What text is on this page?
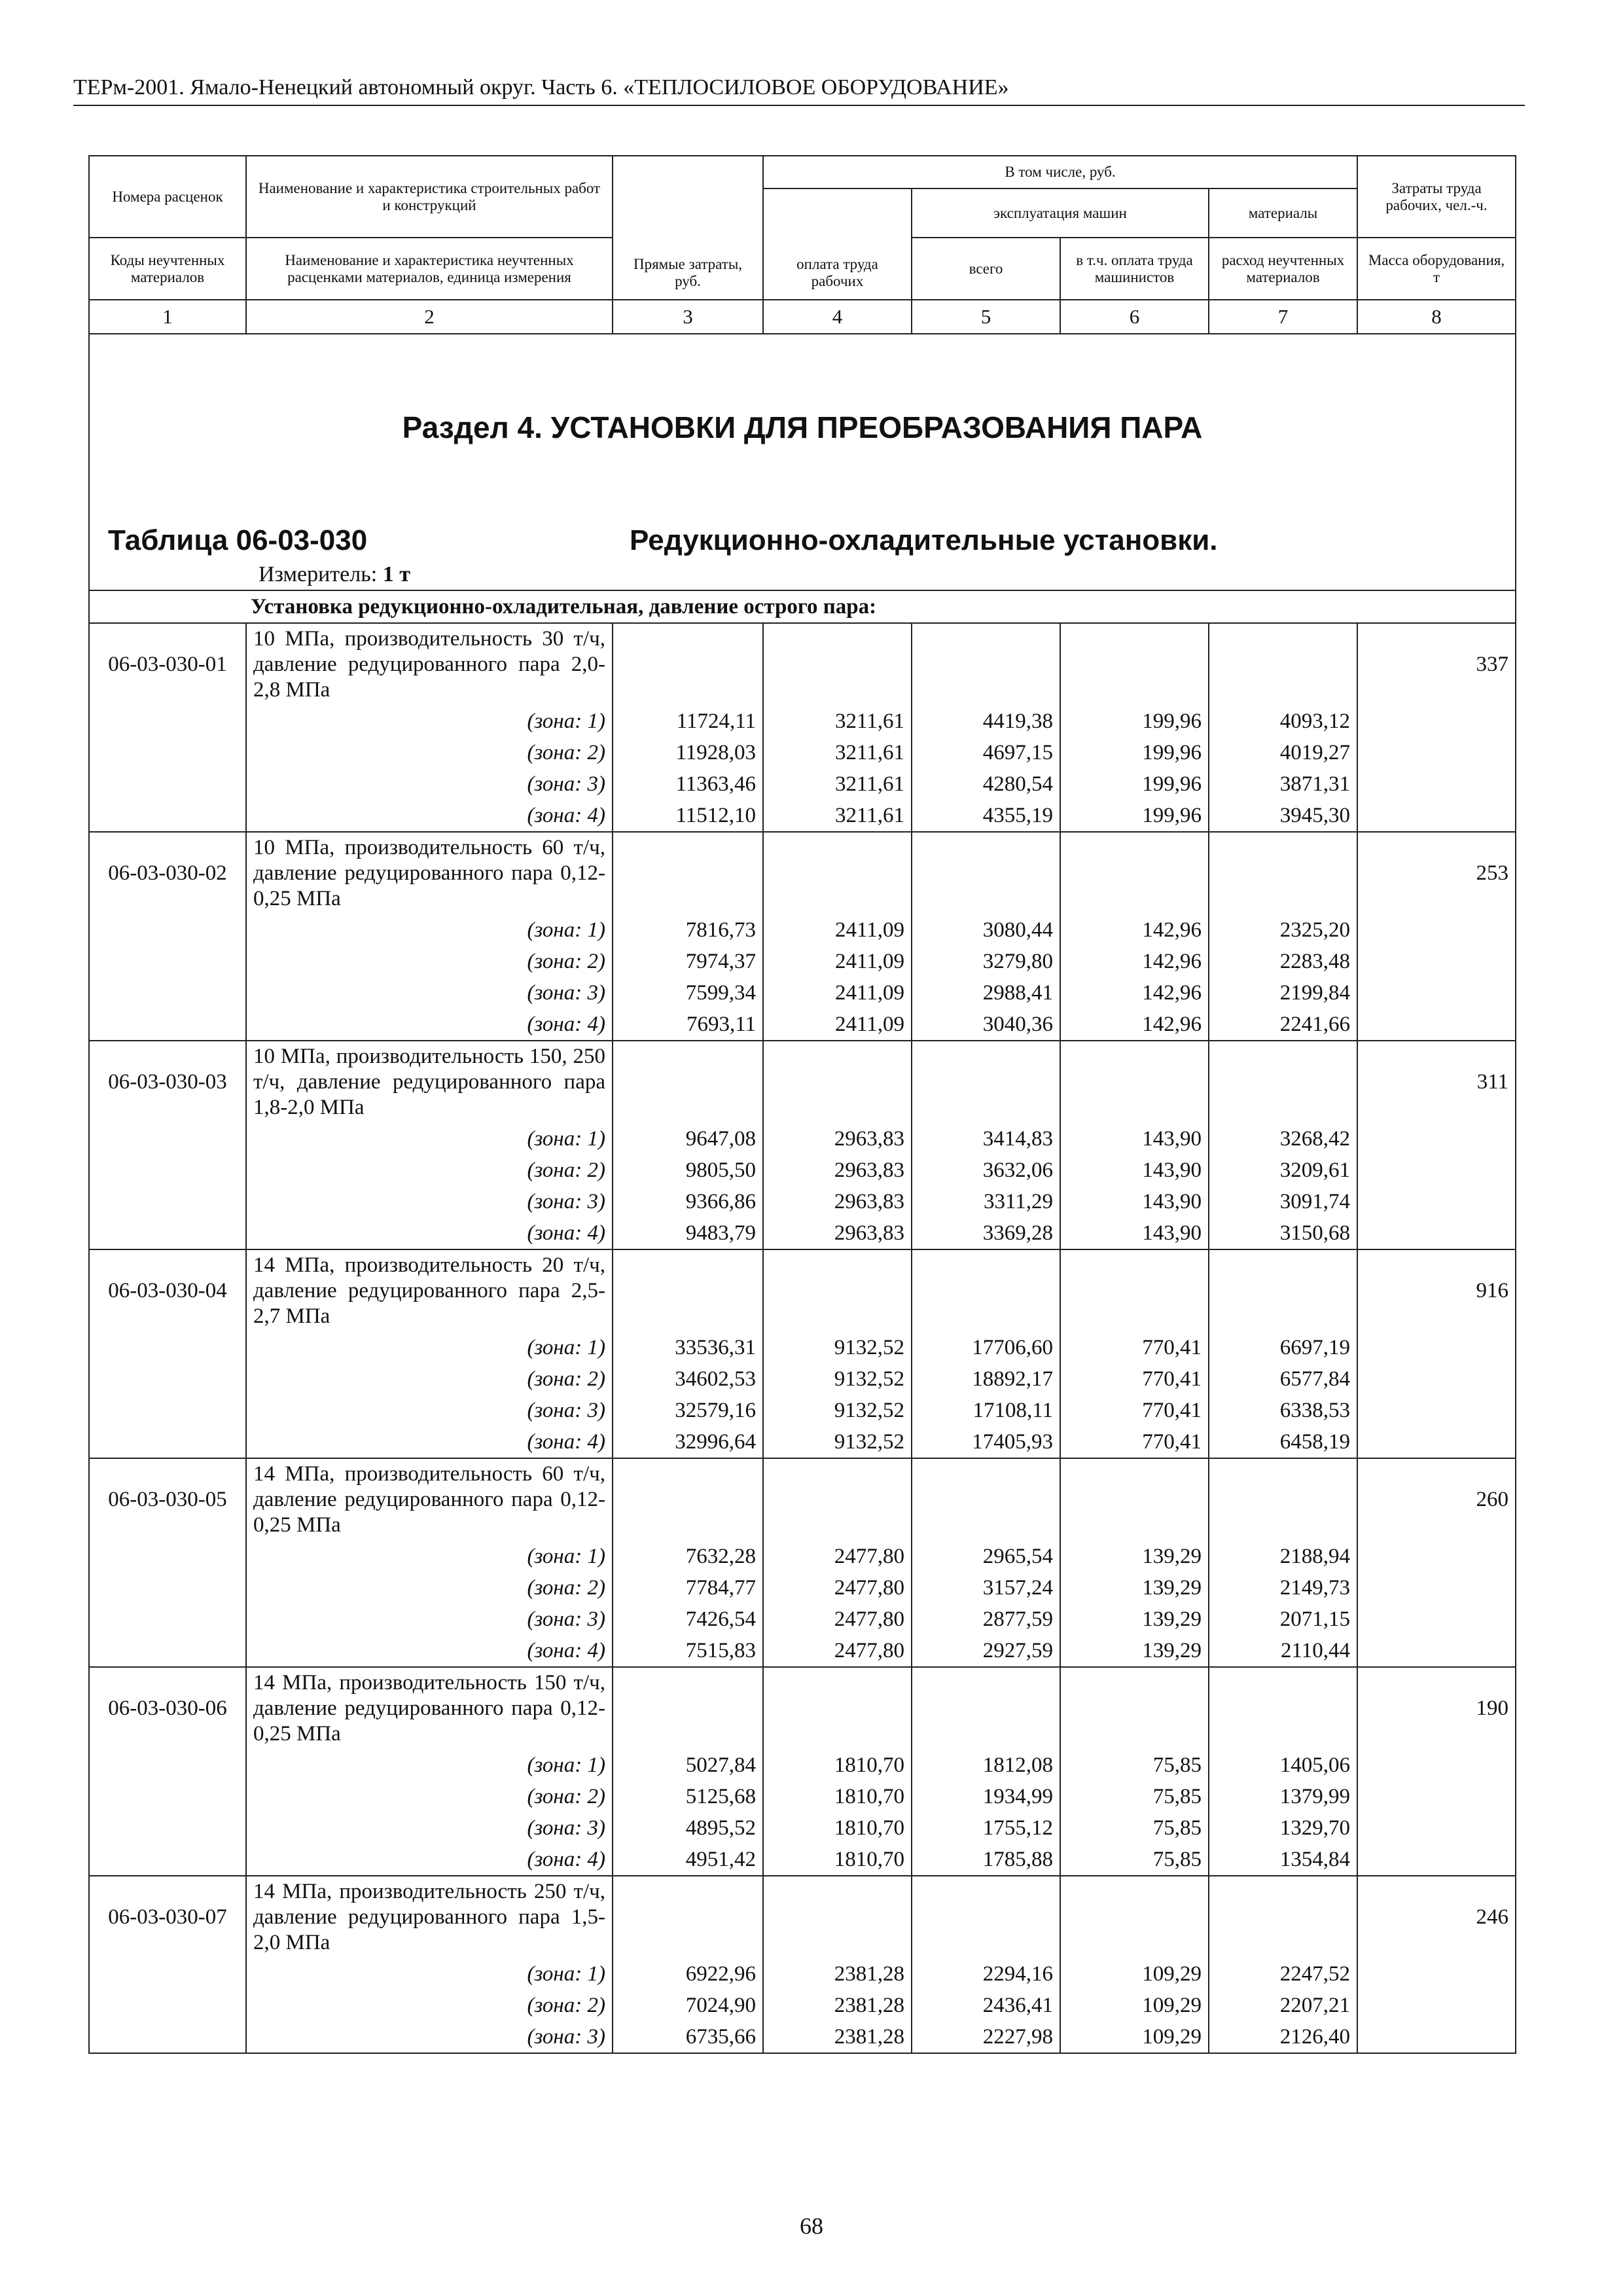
ТЕРм-2001. Ямало-Ненецкий автономный округ. Часть 6. «ТЕПЛОСИЛОВОЕ ОБОРУДОВАНИЕ»
Номера расценок	Наименование и характеристика строительных работ и конструкций	Прямые затраты, руб.	В том числе, руб.				Затраты труда рабочих, чел.-ч.
			оплата труда рабочих	эксплуатация машин		материалы	
Коды неучтенных материалов	Наименование и характеристика неучтенных расценками материалов, единица измерения			всего	в т.ч. оплата труда машинистов	расход неучтенных материалов	Масса оборудования, т
1	2	3	4	5	6	7	8

Раздел 4. УСТАНОВКИ ДЛЯ ПРЕОБРАЗОВАНИЯ ПАРА
Таблица 06-03-030 Редукционно-охладительные установки.
Измеритель: 1 т							

Установка редукционно-охладительная, давление острого пара:							
06-03-030-01	10 МПа, производительность 30 т/ч, давление редуцированного пара 2,0-2,8 МПа						337
	(зона: 1)	11724,11	3211,61	4419,38	199,96	4093,12	
	(зона: 2)	11928,03	3211,61	4697,15	199,96	4019,27	
	(зона: 3)	11363,46	3211,61	4280,54	199,96	3871,31	
	(зона: 4)	11512,10	3211,61	4355,19	199,96	3945,30	
06-03-030-02	10 МПа, производительность 60 т/ч, давление редуцированного пара 0,12-0,25 МПа						253
	(зона: 1)	7816,73	2411,09	3080,44	142,96	2325,20	
	(зона: 2)	7974,37	2411,09	3279,80	142,96	2283,48	
	(зона: 3)	7599,34	2411,09	2988,41	142,96	2199,84	
	(зона: 4)	7693,11	2411,09	3040,36	142,96	2241,66	
06-03-030-03	10 МПа, производительность 150, 250 т/ч, давление редуцированного пара 1,8-2,0 МПа						311
	(зона: 1)	9647,08	2963,83	3414,83	143,90	3268,42	
	(зона: 2)	9805,50	2963,83	3632,06	143,90	3209,61	
	(зона: 3)	9366,86	2963,83	3311,29	143,90	3091,74	
	(зона: 4)	9483,79	2963,83	3369,28	143,90	3150,68	
06-03-030-04	14 МПа, производительность 20 т/ч, давление редуцированного пара 2,5-2,7 МПа						916
	(зона: 1)	33536,31	9132,52	17706,60	770,41	6697,19	
	(зона: 2)	34602,53	9132,52	18892,17	770,41	6577,84	
	(зона: 3)	32579,16	9132,52	17108,11	770,41	6338,53	
	(зона: 4)	32996,64	9132,52	17405,93	770,41	6458,19	
06-03-030-05	14 МПа, производительность 60 т/ч, давление редуцированного пара 0,12-0,25 МПа						260
	(зона: 1)	7632,28	2477,80	2965,54	139,29	2188,94	
	(зона: 2)	7784,77	2477,80	3157,24	139,29	2149,73	
	(зона: 3)	7426,54	2477,80	2877,59	139,29	2071,15	
	(зона: 4)	7515,83	2477,80	2927,59	139,29	2110,44	
06-03-030-06	14 МПа, производительность 150 т/ч, давление редуцированного пара 0,12-0,25 МПа						190
	(зона: 1)	5027,84	1810,70	1812,08	75,85	1405,06	
	(зона: 2)	5125,68	1810,70	1934,99	75,85	1379,99	
	(зона: 3)	4895,52	1810,70	1755,12	75,85	1329,70	
	(зона: 4)	4951,42	1810,70	1785,88	75,85	1354,84	
06-03-030-07	14 МПа, производительность 250 т/ч, давление редуцированного пара 1,5-2,0 МПа						246
	(зона: 1)	6922,96	2381,28	2294,16	109,29	2247,52	
	(зона: 2)	7024,90	2381,28	2436,41	109,29	2207,21	
	(зона: 3)	6735,66	2381,28	2227,98	109,29	2126,40	
68
